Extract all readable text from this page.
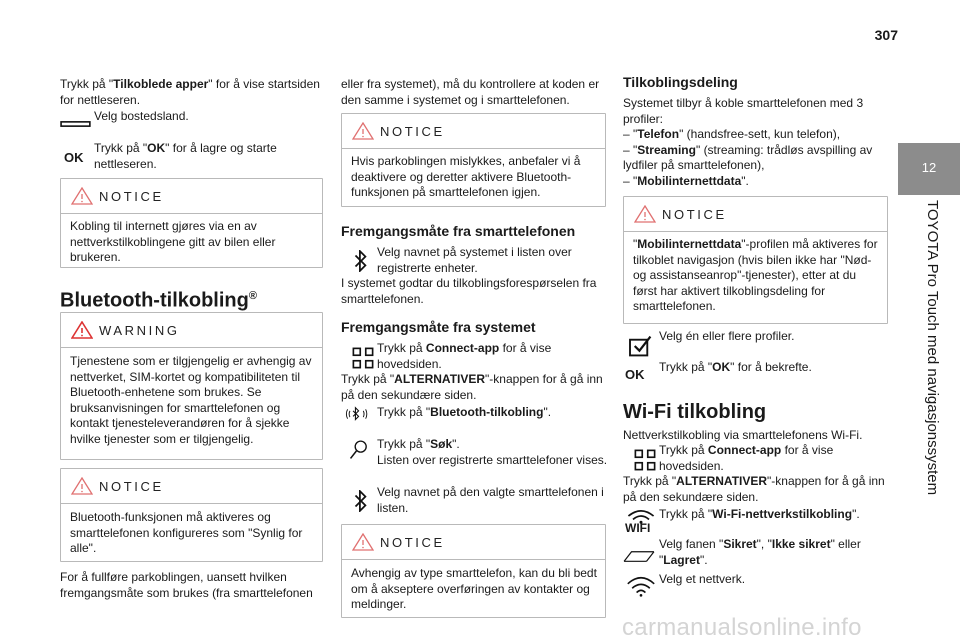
307
12
TOYOTA Pro Touch med navigasjonssystem
Trykk på "Tilkoblede apper" for å vise startsiden for nettleseren.
Velg bostedsland.
OK
Trykk på "OK" for å lagre og starte nettleseren.
NOTICE
Kobling til internett gjøres via en av nettverkstilkoblingene gitt av bilen eller brukeren.
Bluetooth-tilkobling®
WARNING
Tjenestene som er tilgjengelig er avhengig av nettverket, SIM-kortet og kompatibiliteten til Bluetooth-enhetene som brukes. Se bruksanvisningen for smarttelefonen og kontakt tjenesteleverandøren for å sjekke hvilke tjenester som er tilgjengelig.
NOTICE
Bluetooth-funksjonen må aktiveres og smarttelefonen konfigureres som "Synlig for alle".
For å fullføre parkoblingen, uansett hvilken fremgangsmåte som brukes (fra smarttelefonen
eller fra systemet), må du kontrollere at koden er den samme i systemet og i smarttelefonen.
NOTICE
Hvis parkoblingen mislykkes, anbefaler vi å deaktivere og deretter aktivere Bluetooth-funksjonen på smarttelefonen igjen.
Fremgangsmåte fra smarttelefonen
Velg navnet på systemet i listen over registrerte enheter.
I systemet godtar du tilkoblingsforespørselen fra smarttelefonen.
Fremgangsmåte fra systemet
Trykk på Connect-app for å vise hovedsiden.
Trykk på "ALTERNATIVER"-knappen for å gå inn på den sekundære siden.
Trykk på "Bluetooth-tilkobling".
Trykk på "Søk".
Listen over registrerte smarttelefoner vises.
Velg navnet på den valgte smarttelefonen i listen.
NOTICE
Avhengig av type smarttelefon, kan du bli bedt om å akseptere overføringen av kontakter og meldinger.
Tilkoblingsdeling
Systemet tilbyr å koble smarttelefonen med 3 profiler:
– "Telefon" (handsfree-sett, kun telefon),
– "Streaming" (streaming: trådløs avspilling av lydfiler på smarttelefonen),
– "Mobilinternettdata".
NOTICE
"Mobilinternettdata"-profilen må aktiveres for tilkoblet navigasjon (hvis bilen ikke har "Nød- og assistanseanrop"-tjenester), etter at du først har aktivert tilkoblingsdeling for smarttelefonen.
Velg én eller flere profiler.
OK Trykk på "OK" for å bekrefte.
Wi-Fi tilkobling
Nettverkstilkobling via smarttelefonens Wi-Fi.
Trykk på Connect-app for å vise hovedsiden.
Trykk på "ALTERNATIVER"-knappen for å gå inn på den sekundære siden.
WIFI
Trykk på "Wi-Fi-nettverkstilkobling".
Velg fanen "Sikret", "Ikke sikret" eller "Lagret".
Velg et nettverk.
carmanualsonline.info
